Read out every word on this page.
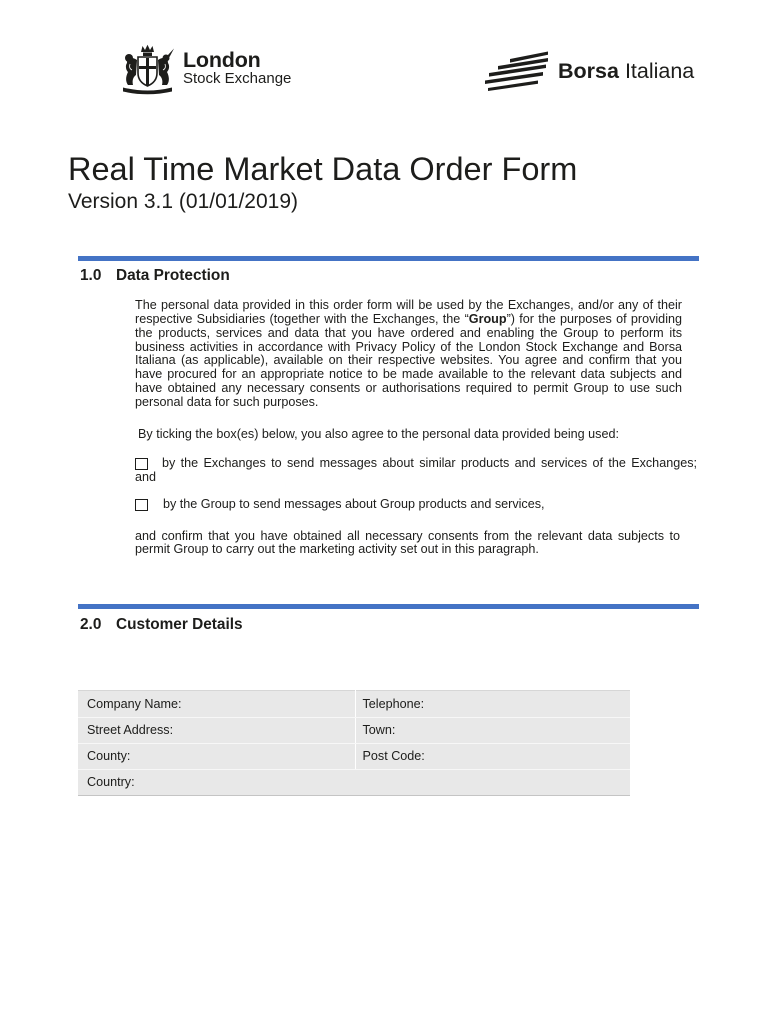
London
Stock Exchange	Borsa Italiana
Real Time Market Data Order Form
Version 3.1 (01/01/2019)
1.0 Data Protection
The personal data provided in this order form will be used by the Exchanges, and/or any of their
respective Subsidiaries (together with the Exchanges, the “Group”) for the purposes of providing
the products, services and data that you have ordered and enabling the Group to perform its
business activities in accordance with Privacy Policy of the London Stock Exchange and Borsa
Italiana (as applicable), available on their respective websites. You agree and confirm that you
have procured for an appropriate notice to be made available to the relevant data subjects and
have obtained any necessary consents or authorisations required to permit Group to use such
personal data for such purposes.
By ticking the box(es) below, you also agree to the personal data provided being used:
by the Exchanges to send messages about similar products and services of the Exchanges;
and
by the Group to send messages about Group products and services,
and confirm that you have obtained all necessary consents from the relevant data subjects to
permit Group to carry out the marketing activity set out in this paragraph.
2.0 Customer Details
Company Name:	Telephone:
Street Address:	Town:
County:	Post Code:
Country:	
